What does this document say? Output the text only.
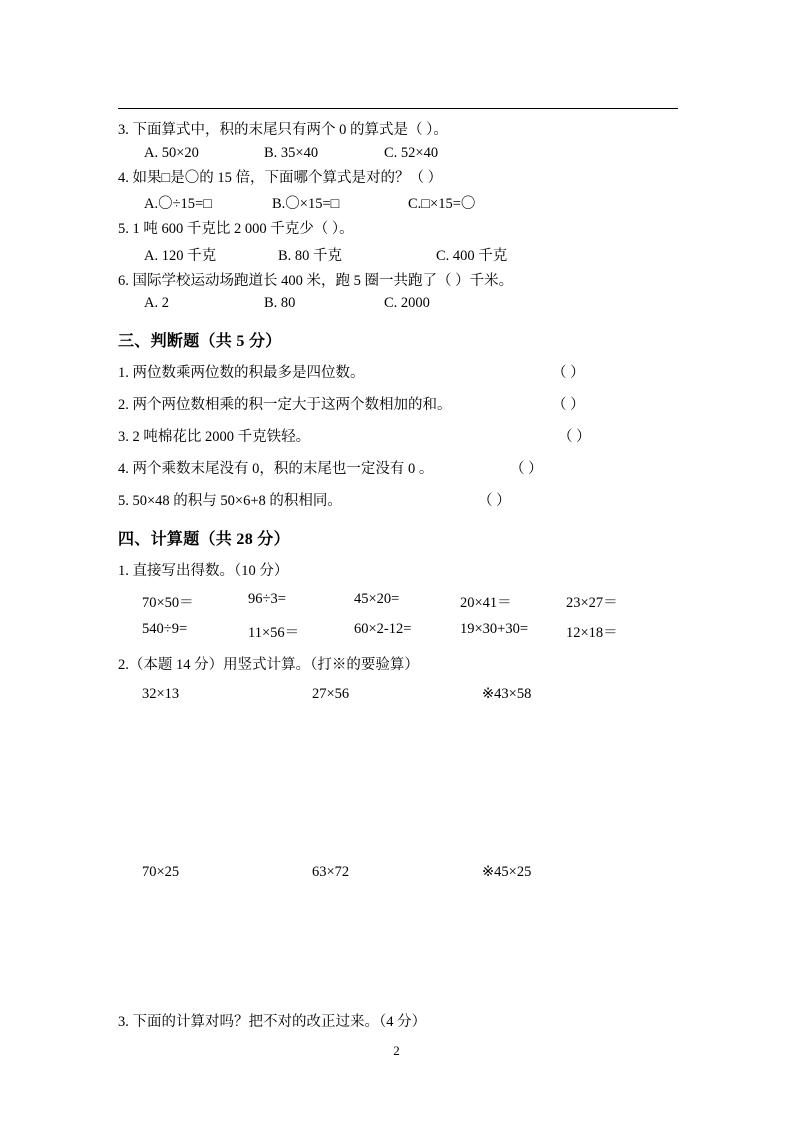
3. 下面算式中，积的末尾只有两个 0 的算式是（ ）。
A. 50×20	B. 35×40	C. 52×40
4. 如果□是〇的 15 倍，下面哪个算式是对的？（ ）
A.〇÷15=□	B.〇×15=□	C.□×15=〇
5. 1 吨 600 千克比 2 000 千克少（ ）。
A. 120 千克	B. 80 千克	C. 400 千克
6. 国际学校运动场跑道长 400 米，跑 5 圈一共跑了（ ）千米。
A. 2	B. 80	C. 2000
三、判断题（共 5 分）
1. 两位数乘两位数的积最多是四位数。	（ ）
2. 两个两位数相乘的积一定大于这两个数相加的和。	（ ）
3. 2 吨棉花比 2000 千克铁轻。	（ ）
4. 两个乘数末尾没有 0，积的末尾也一定没有 0 。	（ ）
5. 50×48 的积与 50×6+8 的积相同。	（ ）
四、计算题（共 28 分）
1. 直接写出得数。（10 分）
70×50＝	96÷3=	45×20=	20×41＝	23×27＝
540÷9=	11×56＝	60×2-12=	19×30+30=	12×18＝
2.（本题 14 分）用竖式计算。（打※的要验算）
32×13	27×56	※43×58
70×25	63×72	※45×25
3. 下面的计算对吗？把不对的改正过来。（4 分）
2
